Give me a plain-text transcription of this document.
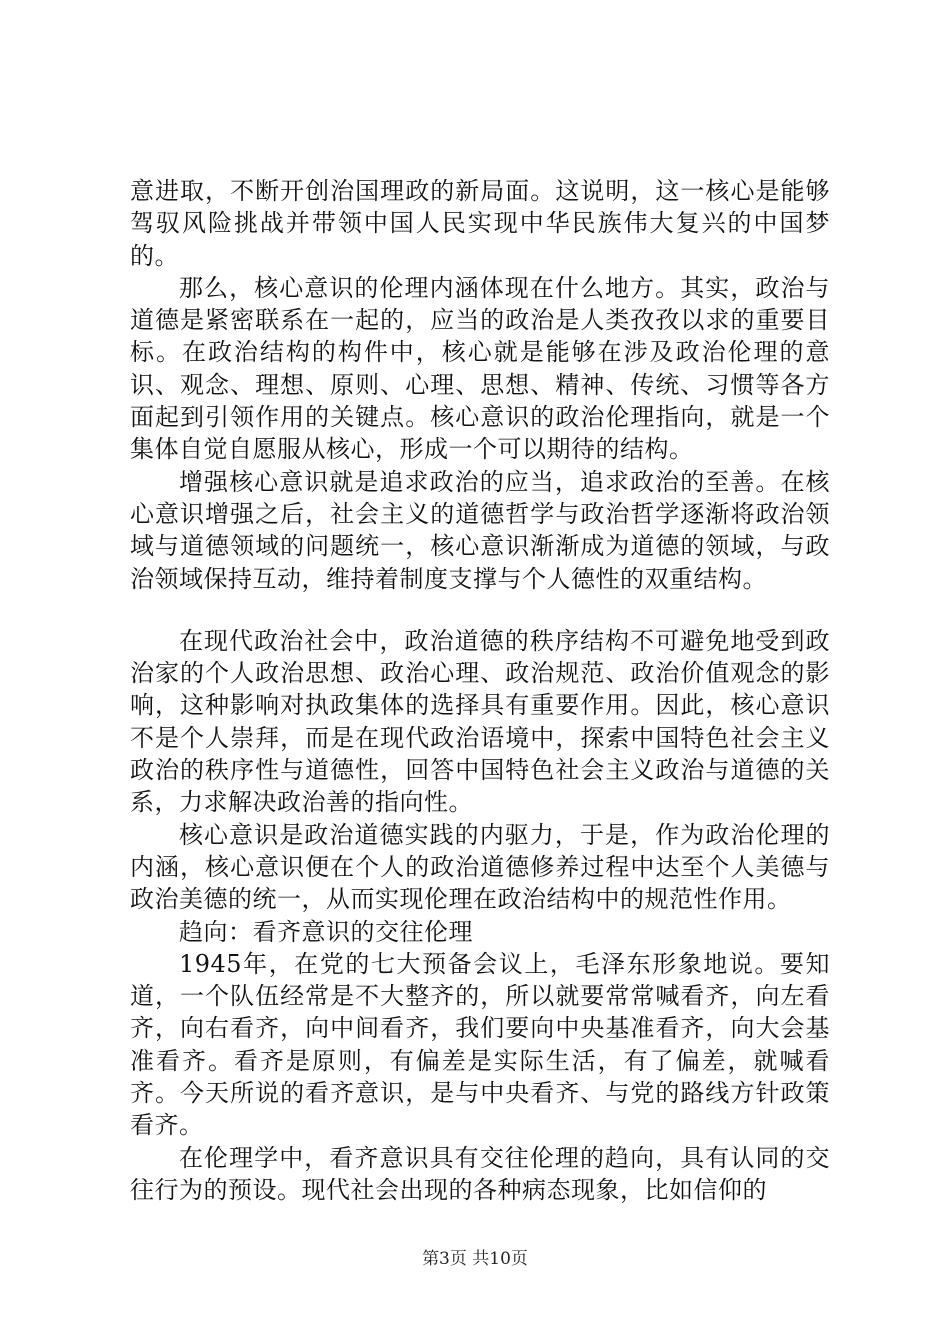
意进取，不断开创治国理政的新局面。这说明，这一核心是能够驾驭风险挑战并带领中国人民实现中华民族伟大复兴的中国梦的。

那么，核心意识的伦理内涵体现在什么地方。其实，政治与道德是紧密联系在一起的，应当的政治是人类孜孜以求的重要目标。在政治结构的构件中，核心就是能够在涉及政治伦理的意识、观念、理想、原则、心理、思想、精神、传统、习惯等各方面起到引领作用的关键点。核心意识的政治伦理指向，就是一个集体自觉自愿服从核心，形成一个可以期待的结构。

增强核心意识就是追求政治的应当，追求政治的至善。在核心意识增强之后，社会主义的道德哲学与政治哲学逐渐将政治领域与道德领域的问题统一，核心意识渐渐成为道德的领域，与政治领域保持互动，维持着制度支撑与个人德性的双重结构。

在现代政治社会中，政治道德的秩序结构不可避免地受到政治家的个人政治思想、政治心理、政治规范、政治价值观念的影响，这种影响对执政集体的选择具有重要作用。因此，核心意识不是个人崇拜，而是在现代政治语境中，探索中国特色社会主义政治的秩序性与道德性，回答中国特色社会主义政治与道德的关系，力求解决政治善的指向性。

核心意识是政治道德实践的内驱力，于是，作为政治伦理的内涵，核心意识便在个人的政治道德修养过程中达至个人美德与政治美德的统一，从而实现伦理在政治结构中的规范性作用。

趋向：看齐意识的交往伦理

1945年，在党的七大预备会议上，毛泽东形象地说。要知道，一个队伍经常是不大整齐的，所以就要常常喊看齐，向左看齐，向右看齐，向中间看齐，我们要向中央基准看齐，向大会基准看齐。看齐是原则，有偏差是实际生活，有了偏差，就喊看齐。今天所说的看齐意识，是与中央看齐、与党的路线方针政策看齐。

在伦理学中，看齐意识具有交往伦理的趋向，具有认同的交往行为的预设。现代社会出现的各种病态现象，比如信仰的

第3页 共10页
